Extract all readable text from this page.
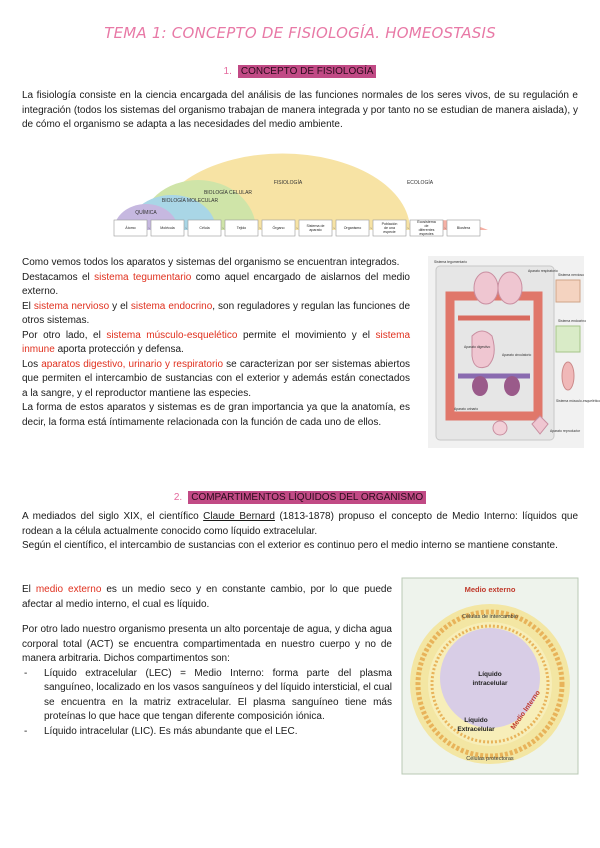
TEMA 1: CONCEPTO DE FISIOLOGÍA. HOMEOSTASIS
1. CONCEPTO DE FISIOLOGÍA
La fisiología consiste en la ciencia encargada del análisis de las funciones normales de los seres vivos, de su regulación e integración (todos los sistemas del organismo trabajan de manera integrada y por tanto no se estudian de manera aislada), y de cómo el organismo se adapta a las necesidades del medio ambiente.
QUÍMICA
BIOLOGÍA MOLECULAR
BIOLOGÍA CELULAR
FISIOLOGÍA	ECOLOGÍA
Átomo	›	Molécula	›	Célula	›	Tejido	›	Órgano	› Sistema de aparato	›	Organismo ›
Población de una especie
›
Ecosistema de diferentes especies
›	Biosfera

Como vemos todos los aparatos y sistemas del organismo se encuentran integrados.

Destacamos el sistema tegumentario como aquel encargado de aislarnos del medio externo.

El sistema nervioso y el sistema endocrino, son reguladores y regulan las funciones de otros sistemas.

Por otro lado, el sistema músculo-esquelético permite el movimiento y el sistema inmune aporta protección y defensa.

Los aparatos digestivo, urinario y respiratorio se caracterizan por ser sistemas abiertos que permiten el intercambio de sustancias con el exterior y además están conectados a la sangre, y el reproductor mantiene las especies.

La forma de estos aparatos y sistemas es de gran importancia ya que la anatomía, es decir, la forma está íntimamente relacionada con la función de cada uno de ellos.

Sistema tegumentario
Aparato respiratorio
Sistema nervioso
Sistema endocrino
Aparato digestivo
Aparato circulatorio
Aparato urinario
Sistema músculo-esquelético
Aparato reproductor
2. COMPARTIMENTOS LÍQUIDOS DEL ORGANISMO

A mediados del siglo XIX, el científico Claude Bernard (1813-1878) propuso el concepto de Medio Interno: líquidos que rodean a la célula actualmente conocido como líquido extracelular.

Según el científico, el intercambio de sustancias con el exterior es continuo pero el medio interno se mantiene constante.

El medio externo es un medio seco y en constante cambio, por lo que puede afectar al medio interno, el cual es líquido.

Por otro lado nuestro organismo presenta un alto porcentaje de agua, y dicha agua corporal total (ACT) se encuentra compartimentada en nuestro cuerpo y no de manera arbitraria. Dichos compartimentos son:

- Líquido extracelular (LEC) = Medio Interno: forma parte del plasma sanguíneo, localizado en los vasos sanguíneos y del líquido intersticial, el cual se encuentra en la matriz extracelular. El plasma sanguíneo tiene más proteínas lo que hace que tengan diferente composición iónica.
- Líquido intracelular (LIC). Es más abundante que el LEC.
Medio externo
Células de intercambio
Líquido
intracelular
Líquido
Extracelular Medio Interno
Células protectoras
